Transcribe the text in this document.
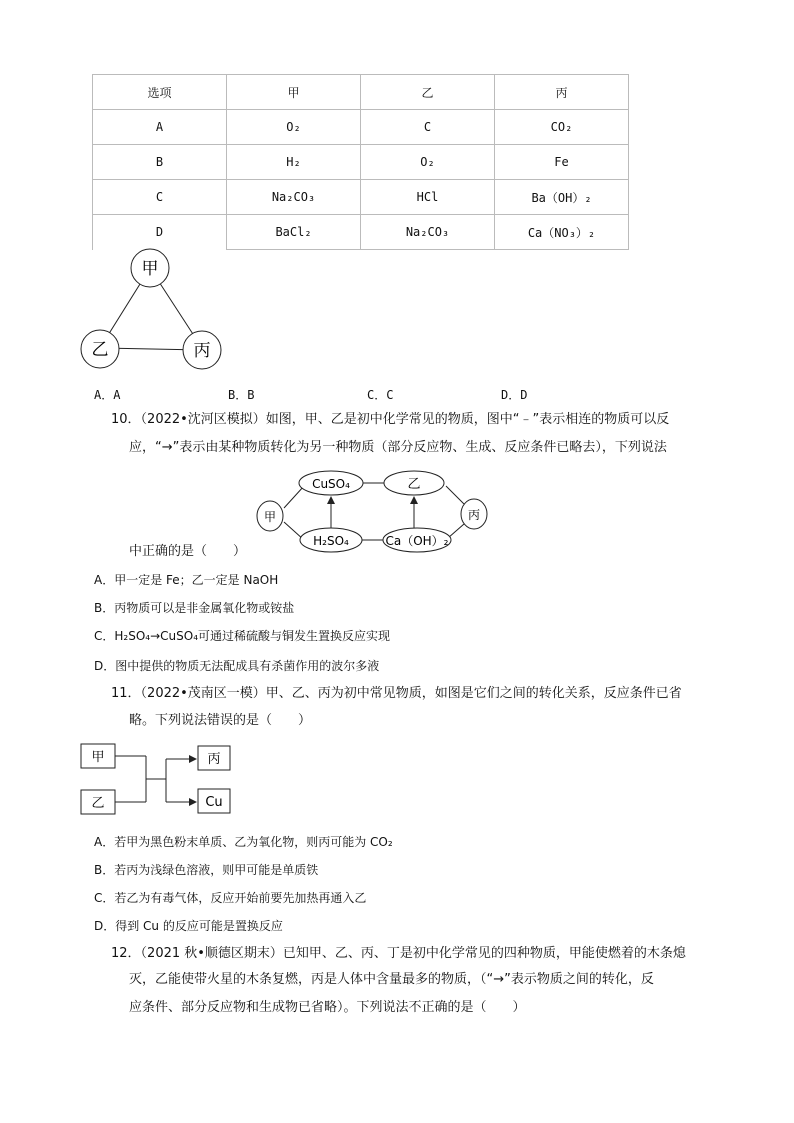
选项	甲	乙	丙
A	O₂	C	CO₂
B	H₂	O₂	Fe
C	Na₂CO₃	HCl	Ba（OH）₂
D	BaCl₂	Na₂CO₃	Ca（NO₃）₂
甲
乙	丙
A．A	B．B	C．C	D．D
10．（2022•沈河区模拟）如图，甲、乙是初中化学常见的物质，图中“﹣”表示相连的物质可以反
应，“→”表示由某种物质转化为另一种物质（部分反应物、生成、反应条件已略去），下列说法
CuSO₄	乙
甲	丙
H₂SO₄	Ca（OH）₂
中正确的是（　　）
A．甲一定是 Fe；乙一定是 NaOH
B．丙物质可以是非金属氧化物或铵盐
C．H₂SO₄→CuSO₄可通过稀硫酸与铜发生置换反应实现
D．图中提供的物质无法配成具有杀菌作用的波尔多液
11．（2022•茂南区一模）甲、乙、丙为初中常见物质，如图是它们之间的转化关系，反应条件已省
略。下列说法错误的是（　　）
甲
乙
丙
Cu
A．若甲为黑色粉末单质、乙为氧化物，则丙可能为 CO₂
B．若丙为浅绿色溶液，则甲可能是单质铁
C．若乙为有毒气体，反应开始前要先加热再通入乙
D．得到 Cu 的反应可能是置换反应
12．（2021 秋•顺德区期末）已知甲、乙、丙、丁是初中化学常见的四种物质，甲能使燃着的木条熄
灭，乙能使带火星的木条复燃，丙是人体中含量最多的物质，（“→”表示物质之间的转化，反
应条件、部分反应物和生成物已省略）。下列说法不正确的是（　　）
